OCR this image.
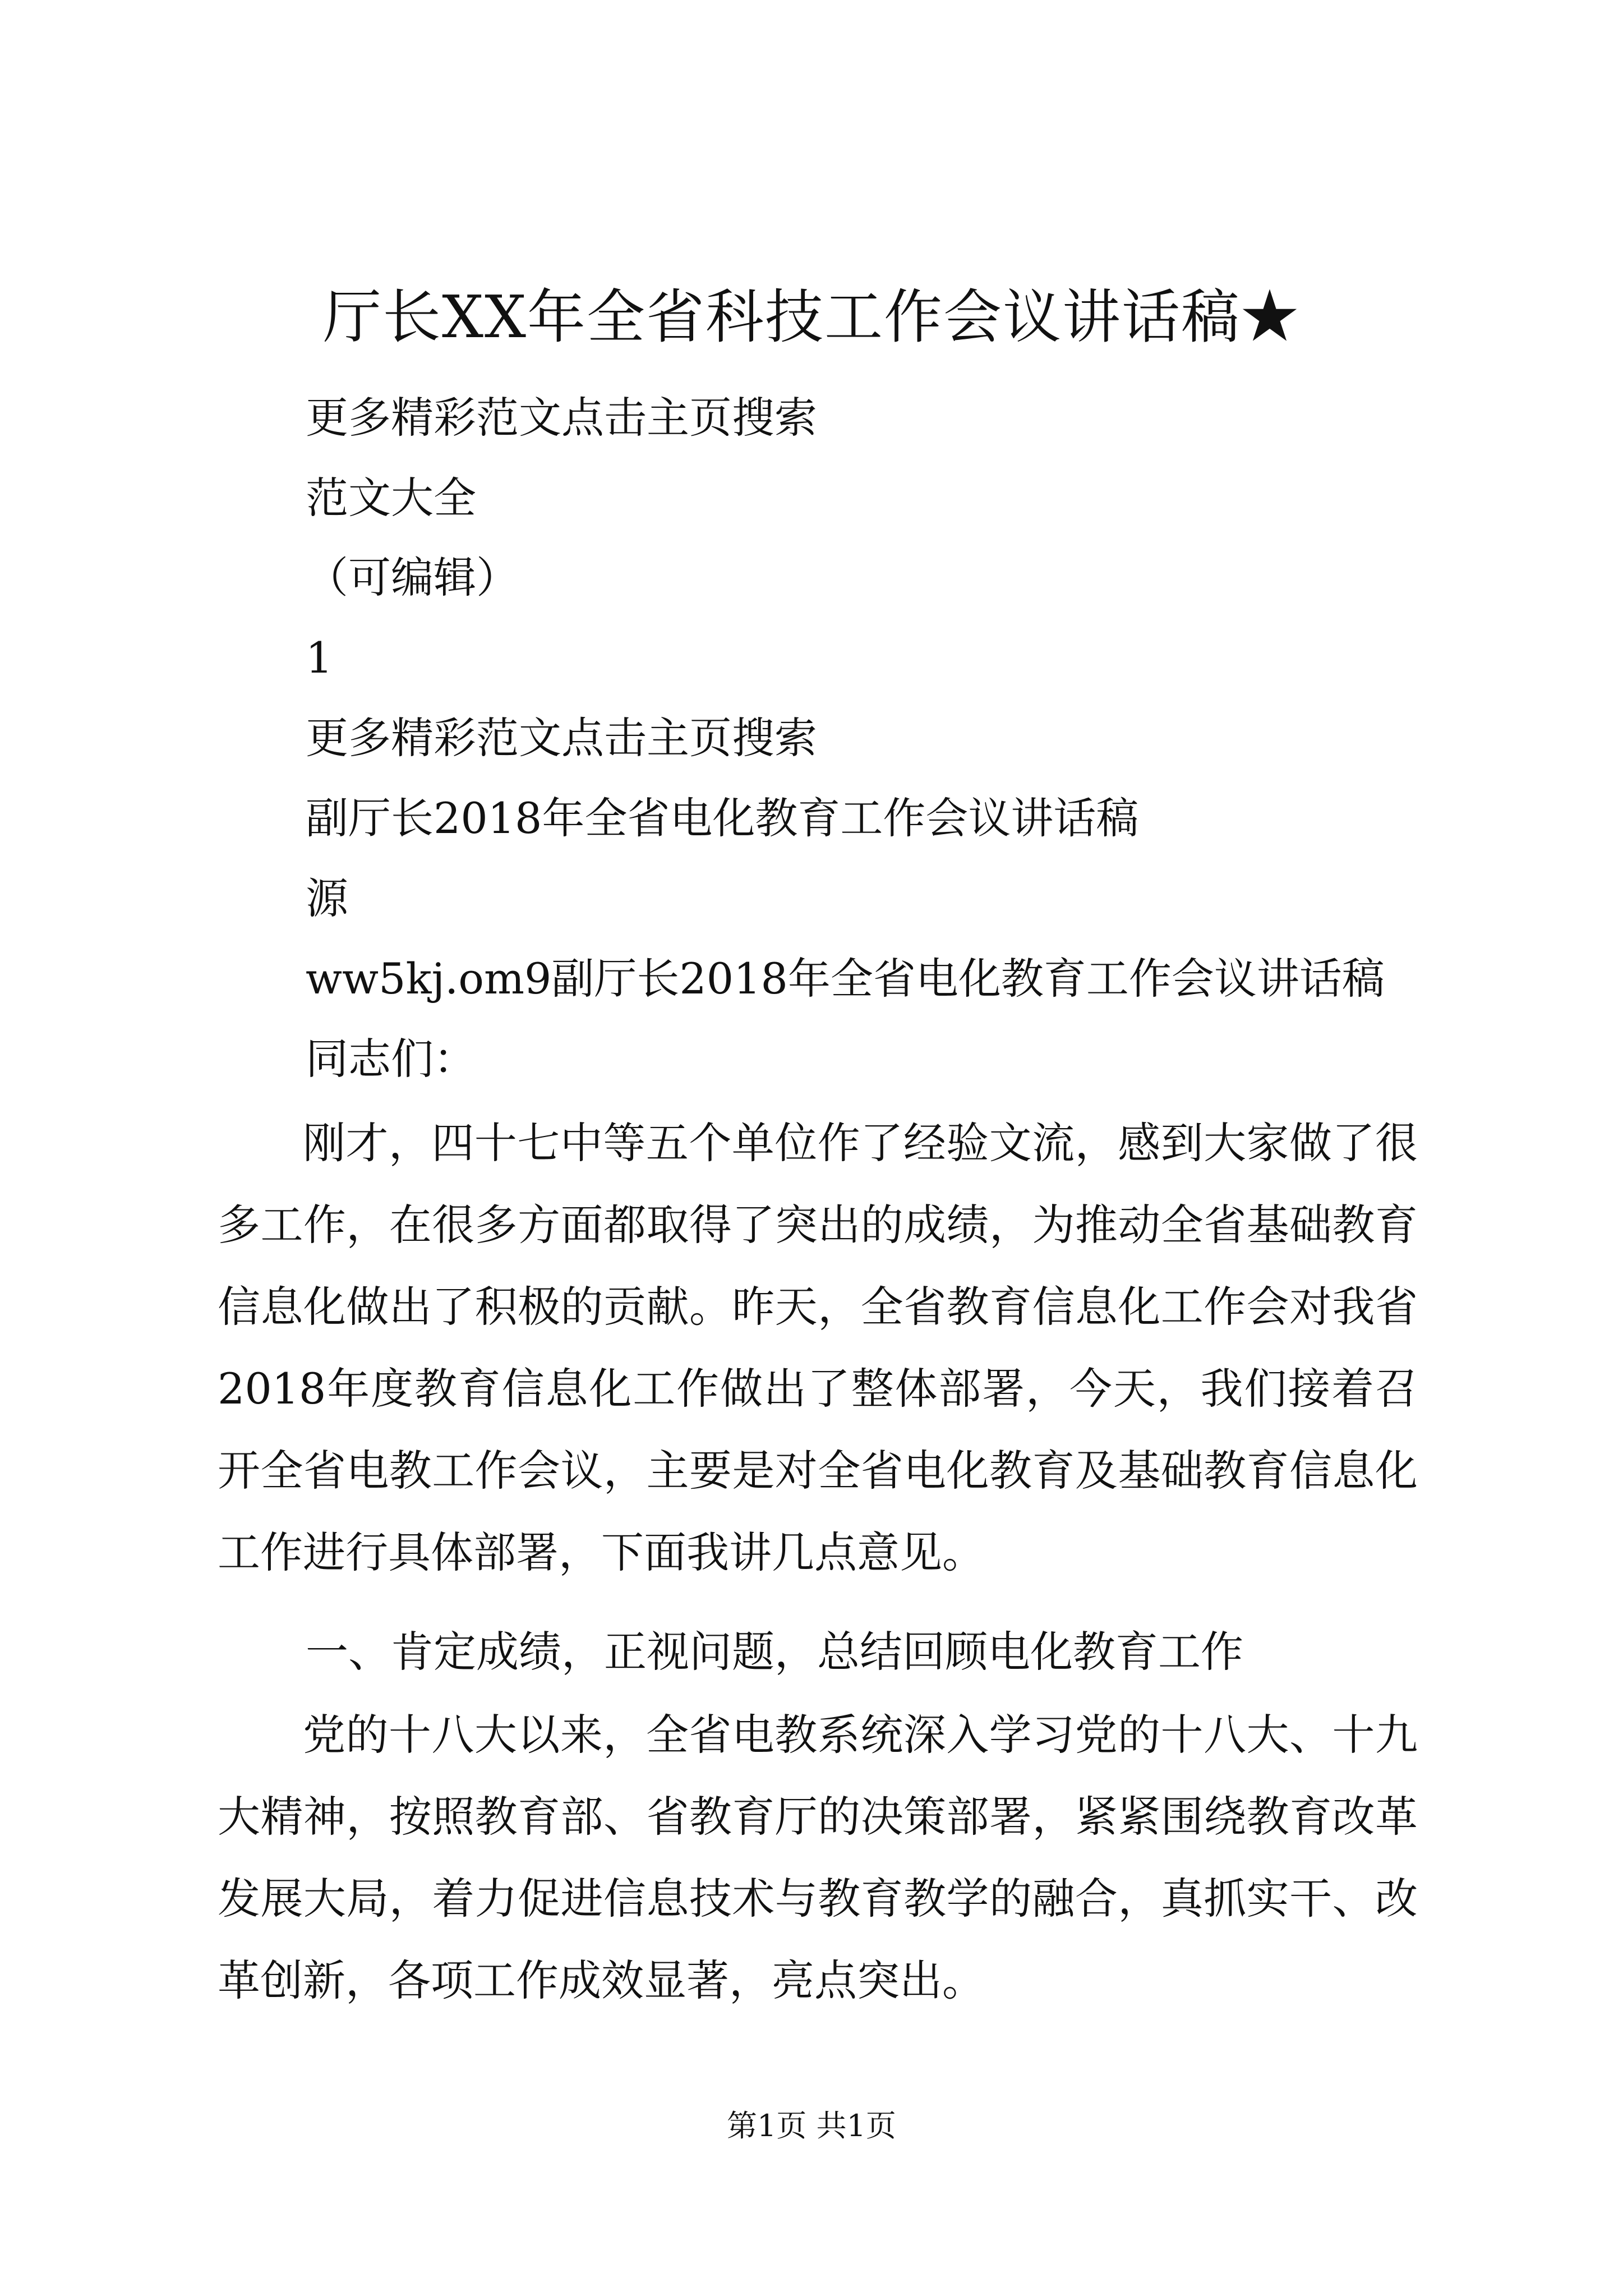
厅长XX年全省科技工作会议讲话稿★

更多精彩范文点击主页搜索

范文大全

（可编辑）

1

更多精彩范文点击主页搜索

副厅长2018年全省电化教育工作会议讲话稿

源

ww5kj.om9副厅长2018年全省电化教育工作会议讲话稿

同志们：

刚才，四十七中等五个单位作了经验文流，感到大家做了很多工作，在很多方面都取得了突出的成绩，为推动全省基础教育信息化做出了积极的贡献。昨天，全省教育信息化工作会对我省2018年度教育信息化工作做出了整体部署，今天，我们接着召开全省电教工作会议，主要是对全省电化教育及基础教育信息化工作进行具体部署，下面我讲几点意见。

一、肯定成绩，正视问题，总结回顾电化教育工作

党的十八大以来，全省电教系统深入学习党的十八大、十九大精神，按照教育部、省教育厅的决策部署，紧紧围绕教育改革发展大局，着力促进信息技术与教育教学的融合，真抓实干、改革创新，各项工作成效显著，亮点突出。

第1页 共1页
